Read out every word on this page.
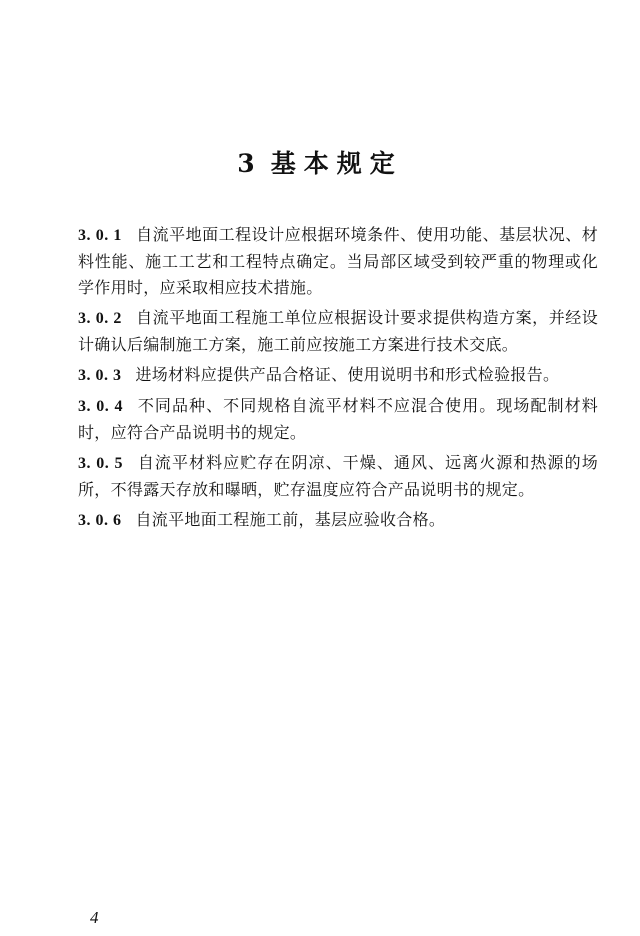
3 基本规定

3. 0. 1 自流平地面工程设计应根据环境条件、使用功能、基层状况、材料性能、施工工艺和工程特点确定。当局部区域受到较严重的物理或化学作用时，应采取相应技术措施。

3. 0. 2 自流平地面工程施工单位应根据设计要求提供构造方案，并经设计确认后编制施工方案，施工前应按施工方案进行技术交底。

3. 0. 3 进场材料应提供产品合格证、使用说明书和形式检验报告。

3. 0. 4 不同品种、不同规格自流平材料不应混合使用。现场配制材料时，应符合产品说明书的规定。

3. 0. 5 自流平材料应贮存在阴凉、干燥、通风、远离火源和热源的场所，不得露天存放和曝晒，贮存温度应符合产品说明书的规定。

3. 0. 6 自流平地面工程施工前，基层应验收合格。

4
